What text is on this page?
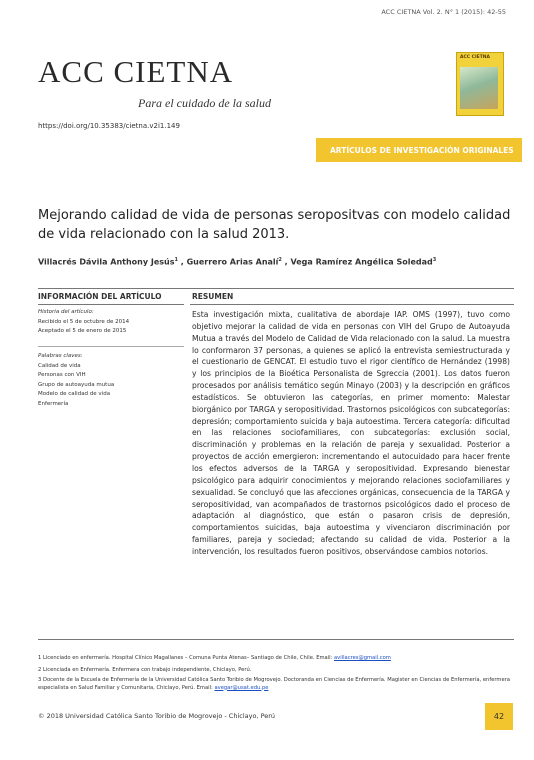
ACC CIETNA Vol. 2. N° 1 (2015): 42-55
ACC CIETNA
Para el cuidado de la salud
ACC CIETNA
https://doi.org/10.35383/cietna.v2i1.149
ARTÍCULOS DE INVESTIGACIÓN ORIGINALES
Mejorando calidad de vida de personas seropositvas con modelo calidad de vida relacionado con la salud 2013.
Villacrés Dávila Anthony Jesús$^1$ , Guerrero Arias Analí$^2$ , Vega Ramírez Angélica Soledad$^3$
INFORMACIÓN DEL ARTÍCULO	RESUMEN
Historia del artículo:
Recibido el 5 de octubre de 2014
Aceptado el 5 de enero de 2015
Palabras claves:
Calidad de vida
Personas con VIH
Grupo de autoayuda mutua
Modelo de calidad de vida
Enfermería
Esta investigación mixta, cualitativa de abordaje IAP. OMS (1997), tuvo como objetivo mejorar la calidad de vida en personas con VIH del Grupo de Autoayuda Mutua a través del Modelo de Calidad de Vida relacionado con la salud. La muestra lo conformaron 37 personas, a quienes se aplicó la entrevista semiestructurada y el cuestionario de GENCAT. El estudio tuvo el rigor científico de Hernández (1998) y los principios de la Bioética Personalista de Sgreccia (2001). Los datos fueron procesados por análisis temático según Minayo (2003) y la descripción en gráficos estadísticos. Se obtuvieron las categorías, en primer momento: Malestar biorgánico por TARGA y seropositividad. Trastornos psicológicos con subcategorías: depresión; comportamiento suicida y baja autoestima. Tercera categoría: dificultad en las relaciones sociofamiliares, con subcategorías: exclusión social, discriminación y problemas en la relación de pareja y sexualidad. Posterior a proyectos de acción emergieron: incrementando el autocuidado para hacer frente los efectos adversos de la TARGA y seropositividad. Expresando bienestar psicológico para adquirir conocimientos y mejorando relaciones sociofamiliares y sexualidad. Se concluyó que las afecciones orgánicas, consecuencia de la TARGA y seropositividad, van acompañados de trastornos psicológicos dado el proceso de adaptación al diagnóstico, que están o pasaron crisis de depresión, comportamientos suicidas, baja autoestima y vivenciaron discriminación por familiares, pareja y sociedad; afectando su calidad de vida. Posterior a la intervención, los resultados fueron positivos, observándose cambios notorios.
1 Licenciado en enfermería. Hospital Clínico Magallanes – Comuna Punta Atenas– Santiago de Chile, Chile. Email: avillacres@gmail.com
2 Licenciada en Enfermería. Enfermera con trabajo independiente, Chiclayo, Perú.
3 Docente de la Escuela de Enfermería de la Universidad Católica Santo Toribio de Mogrovejo. Doctoranda en Ciencias de Enfermería. Magister en Ciencias de Enfermería, enfermera especialista en Salud Familiar y Comunitaria, Chiclayo, Perú. Email: avegar@usat.edu.pe
© 2018 Universidad Católica Santo Toribio de Mogrovejo - Chiclayo, Perú	42
